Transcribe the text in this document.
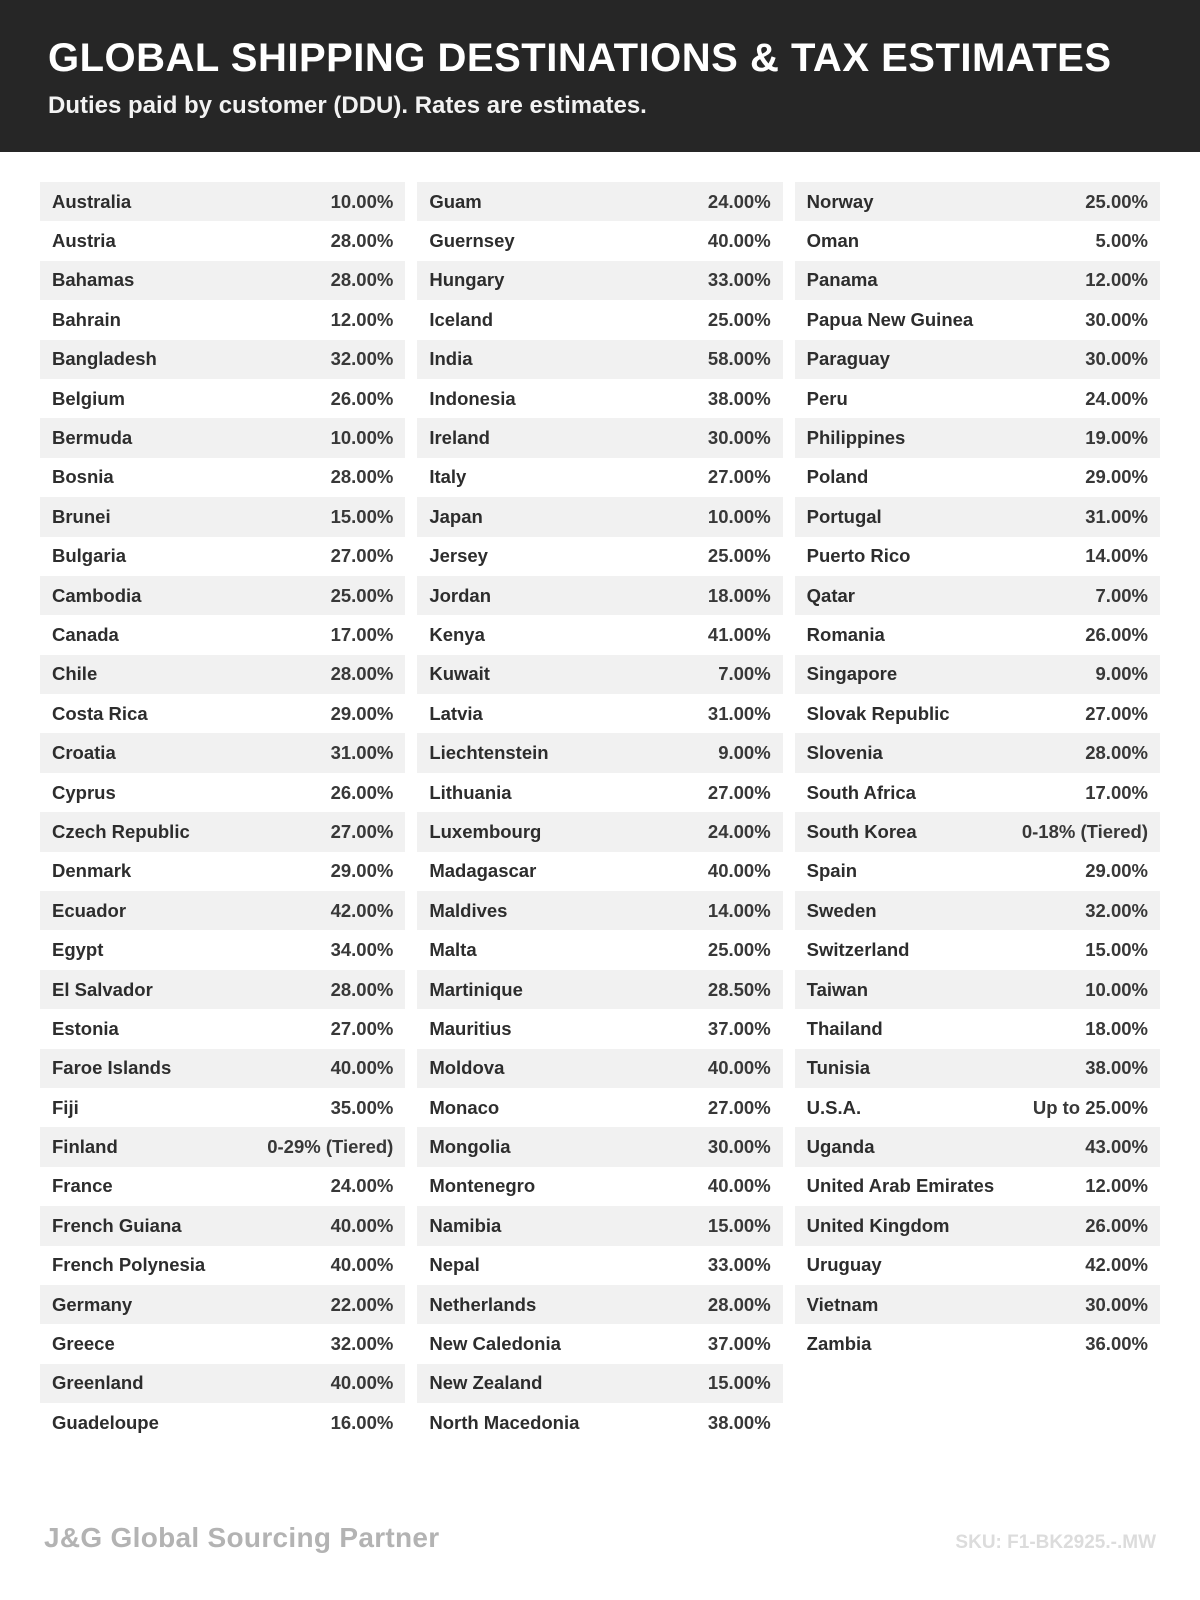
GLOBAL SHIPPING DESTINATIONS & TAX ESTIMATES
Duties paid by customer (DDU). Rates are estimates.
Australia	10.00%
Austria	28.00%
Bahamas	28.00%
Bahrain	12.00%
Bangladesh	32.00%
Belgium	26.00%
Bermuda	10.00%
Bosnia	28.00%
Brunei	15.00%
Bulgaria	27.00%
Cambodia	25.00%
Canada	17.00%
Chile	28.00%
Costa Rica	29.00%
Croatia	31.00%
Cyprus	26.00%
Czech Republic	27.00%
Denmark	29.00%
Ecuador	42.00%
Egypt	34.00%
El Salvador	28.00%
Estonia	27.00%
Faroe Islands	40.00%
Fiji	35.00%
Finland	0-29% (Tiered)
France	24.00%
French Guiana	40.00%
French Polynesia	40.00%
Germany	22.00%
Greece	32.00%
Greenland	40.00%
Guadeloupe	16.00%
Guam	24.00%
Guernsey	40.00%
Hungary	33.00%
Iceland	25.00%
India	58.00%
Indonesia	38.00%
Ireland	30.00%
Italy	27.00%
Japan	10.00%
Jersey	25.00%
Jordan	18.00%
Kenya	41.00%
Kuwait	7.00%
Latvia	31.00%
Liechtenstein	9.00%
Lithuania	27.00%
Luxembourg	24.00%
Madagascar	40.00%
Maldives	14.00%
Malta	25.00%
Martinique	28.50%
Mauritius	37.00%
Moldova	40.00%
Monaco	27.00%
Mongolia	30.00%
Montenegro	40.00%
Namibia	15.00%
Nepal	33.00%
Netherlands	28.00%
New Caledonia	37.00%
New Zealand	15.00%
North Macedonia	38.00%
Norway	25.00%
Oman	5.00%
Panama	12.00%
Papua New Guinea	30.00%
Paraguay	30.00%
Peru	24.00%
Philippines	19.00%
Poland	29.00%
Portugal	31.00%
Puerto Rico	14.00%
Qatar	7.00%
Romania	26.00%
Singapore	9.00%
Slovak Republic	27.00%
Slovenia	28.00%
South Africa	17.00%
South Korea	0-18% (Tiered)
Spain	29.00%
Sweden	32.00%
Switzerland	15.00%
Taiwan	10.00%
Thailand	18.00%
Tunisia	38.00%
U.S.A.	Up to 25.00%
Uganda	43.00%
United Arab Emirates	12.00%
United Kingdom	26.00%
Uruguay	42.00%
Vietnam	30.00%
Zambia	36.00%
J&G Global Sourcing Partner	SKU: F1-BK2925.-.MW
